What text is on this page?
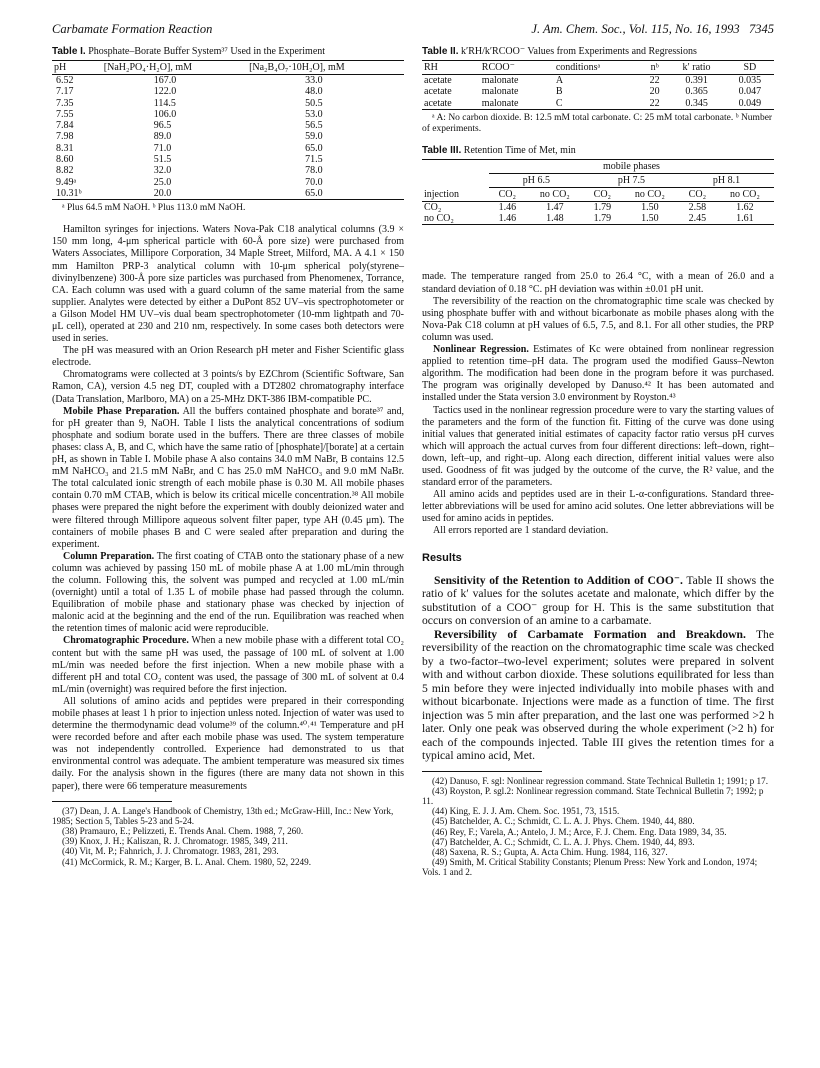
Carbamate Formation Reaction	J. Am. Chem. Soc., Vol. 115, No. 16, 1993 7345
Table I. Phosphate–Borate Buffer System³⁷ Used in the Experiment
pH	[NaH₂PO₄·H₂O], mM	[Na₂B₄O₇·10H₂O], mM
6.52	167.0	33.0
7.17	122.0	48.0
7.35	114.5	50.5
7.55	106.0	53.0
7.84	96.5	56.5
7.98	89.0	59.0
8.31	71.0	65.0
8.60	51.5	71.5
8.82	32.0	78.0
9.49ᵃ	25.0	70.0
10.31ᵇ	20.0	65.0
ᵃ Plus 64.5 mM NaOH. ᵇ Plus 113.0 mM NaOH.

Hamilton syringes for injections. Waters Nova-Pak C18 analytical columns (3.9 × 150 mm long, 4-μm spherical particle with 60-Å pore size) were purchased from Waters Associates, Millipore Corporation, 34 Maple Street, Milford, MA. A 4.1 × 150 mm Hamilton PRP-3 analytical column with 10-μm spherical poly(styrene–divinylbenzene) 300-Å pore size particles was purchased from Phenomenex, Torrance, CA. Each column was used with a guard column of the same material from the same supplier. Analytes were detected by either a DuPont 852 UV–vis spectrophotometer or a Gilson Model HM UV–vis dual beam spectrophotometer (10-mm lightpath and 70-μL cell), operated at 230 and 210 nm, respectively. In some cases both detectors were used in series.

The pH was measured with an Orion Research pH meter and Fisher Scientific glass electrode.

Chromatograms were collected at 3 points/s by EZChrom (Scientific Software, San Ramon, CA), version 4.5 neg DT, coupled with a DT2802 chromatography interface (Data Translation, Marlboro, MA) on a 25-MHz DKT-386 IBM-compatible PC.

Mobile Phase Preparation. All the buffers contained phosphate and borate³⁷ and, for pH greater than 9, NaOH. Table I lists the analytical concentrations of sodium phosphate and sodium borate used in the buffers. There are three classes of mobile phases: class A, B, and C, which have the same ratio of [phosphate]/[borate] at a certain pH, as shown in Table I. Mobile phase A also contains 34.0 mM NaBr, B contains 12.5 mM NaHCO₃ and 21.5 mM NaBr, and C has 25.0 mM NaHCO₃ and 9.0 mM NaBr. The total calculated ionic strength of each mobile phase is 0.30 M. All mobile phases contain 0.70 mM CTAB, which is below its critical micelle concentration.³⁸ All mobile phases were prepared the night before the experiment with doubly deionized water and were filtered through Millipore aqueous solvent filter paper, type AH (0.45 μm). The containers of mobile phases B and C were sealed after preparation and during the experiment.

Column Preparation. The first coating of CTAB onto the stationary phase of a new column was achieved by passing 150 mL of mobile phase A at 1.00 mL/min through the column. Following this, the solvent was pumped and recycled at 1.00 mL/min (overnight) until a total of 1.35 L of mobile phase had passed through the column. Equilibration of mobile phase and stationary phase was checked by injection of malonic acid at the beginning and the end of the run. Equilibration was reached when the retention times of malonic acid were reproducible.

Chromatographic Procedure. When a new mobile phase with a different total CO₂ content but with the same pH was used, the passage of 100 mL of solvent at 1.00 mL/min was needed before the first injection. When a new mobile phase with a different pH and total CO₂ content was used, the passage of 300 mL of solvent at 0.4 mL/min (overnight) was required before the first injection.

All solutions of amino acids and peptides were prepared in their corresponding mobile phases at least 1 h prior to injection unless noted. Injection of water was used to determine the thermodynamic dead volume³⁹ of the column.⁴⁰˒⁴¹ Temperature and pH were recorded before and after each mobile phase was used. The system temperature was not independently controlled. Experience had demonstrated to us that environmental control was adequate. The ambient temperature was measured six times daily. For the analysis shown in the figures (there are many data not shown in this paper), there were 66 temperature measurements

(37) Dean, J. A. Lange's Handbook of Chemistry, 13th ed.; McGraw-Hill, Inc.: New York, 1985; Section 5, Tables 5-23 and 5-24.
(38) Pramauro, E.; Pelizzeti, E. Trends Anal. Chem. 1988, 7, 260.
(39) Knox, J. H.; Kaliszan, R. J. Chromatogr. 1985, 349, 211.
(40) Vit, M. P.; Fahnrich, J. J. Chromatogr. 1983, 281, 293.
(41) McCormick, R. M.; Karger, B. L. Anal. Chem. 1980, 52, 2249.
Table II. k′RH/k′RCOO⁻ Values from Experiments and Regressions
RH	RCOO⁻	conditionsᵃ	nᵇ	k′ ratio	SD
acetate	malonate	A	22	0.391	0.035
acetate	malonate	B	20	0.365	0.047
acetate	malonate	C	22	0.345	0.049
ᵃ A: No carbon dioxide. B: 12.5 mM total carbonate. C: 25 mM total carbonate. ᵇ Number of experiments.
Table III. Retention Time of Met, min
	mobile phases					
	pH 6.5		pH 7.5		pH 8.1	
injection	CO₂	no CO₂	CO₂	no CO₂	CO₂	no CO₂
CO₂	1.46	1.47	1.79	1.50	2.58	1.62
no CO₂	1.46	1.48	1.79	1.50	2.45	1.61

made. The temperature ranged from 25.0 to 26.4 °C, with a mean of 26.0 and a standard deviation of 0.18 °C. pH deviation was within ±0.01 pH unit.

The reversibility of the reaction on the chromatographic time scale was checked by using phosphate buffer with and without bicarbonate as mobile phases along with the Nova-Pak C18 column at pH values of 6.5, 7.5, and 8.1. For all other studies, the PRP column was used.

Nonlinear Regression. Estimates of Kc were obtained from nonlinear regression applied to retention time–pH data. The program used the modified Gauss–Newton algorithm. The modification had been done in the program before it was purchased. The program was originally developed by Danuso.⁴² It has been automated and installed under the Stata version 3.0 environment by Royston.⁴³

Tactics used in the nonlinear regression procedure were to vary the starting values of the parameters and the form of the function fit. Fitting of the curve was done using initial values that generated initial estimates of capacity factor ratio versus pH curves which will approach the actual curves from four different directions: left–down, right–down, left–up, and right–up. Along each direction, different initial values were also used. Goodness of fit was judged by the outcome of the curve, the R² value, and the standard error of the parameters.

All amino acids and peptides used are in their L-α-configurations. Standard three-letter abbreviations will be used for amino acid solutes. One letter abbreviations will be used for amino acids in peptides.

All errors reported are 1 standard deviation.

Results

Sensitivity of the Retention to Addition of COO⁻. Table II shows the ratio of k′ values for the solutes acetate and malonate, which differ by the substitution of a COO⁻ group for H. This is the same substitution that occurs on conversion of an amine to a carbamate.

Reversibility of Carbamate Formation and Breakdown. The reversibility of the reaction on the chromatographic time scale was checked by a two-factor–two-level experiment; solutes were prepared in solvent with and without carbon dioxide. These solutions equilibrated for less than 5 min before they were injected individually into mobile phases with and without bicarbonate. Injections were made as a function of time. The first injection was 5 min after preparation, and the last one was performed >2 h later. Only one peak was observed during the whole experiment (>2 h) for each of the compounds injected. Table III gives the retention times for a typical amino acid, Met.

(42) Danuso, F. sgl: Nonlinear regression command. State Technical Bulletin 1; 1991; p 17.
(43) Royston, P. sgl.2: Nonlinear regression command. State Technical Bulletin 7; 1992; p 11.
(44) King, E. J. J. Am. Chem. Soc. 1951, 73, 1515.
(45) Batchelder, A. C.; Schmidt, C. L. A. J. Phys. Chem. 1940, 44, 880.
(46) Rey, F.; Varela, A.; Antelo, J. M.; Arce, F. J. Chem. Eng. Data 1989, 34, 35.
(47) Batchelder, A. C.; Schmidt, C. L. A. J. Phys. Chem. 1940, 44, 893.
(48) Saxena, R. S.; Gupta, A. Acta Chim. Hung. 1984, 116, 327.
(49) Smith, M. Critical Stability Constants; Plenum Press: New York and London, 1974; Vols. 1 and 2.
